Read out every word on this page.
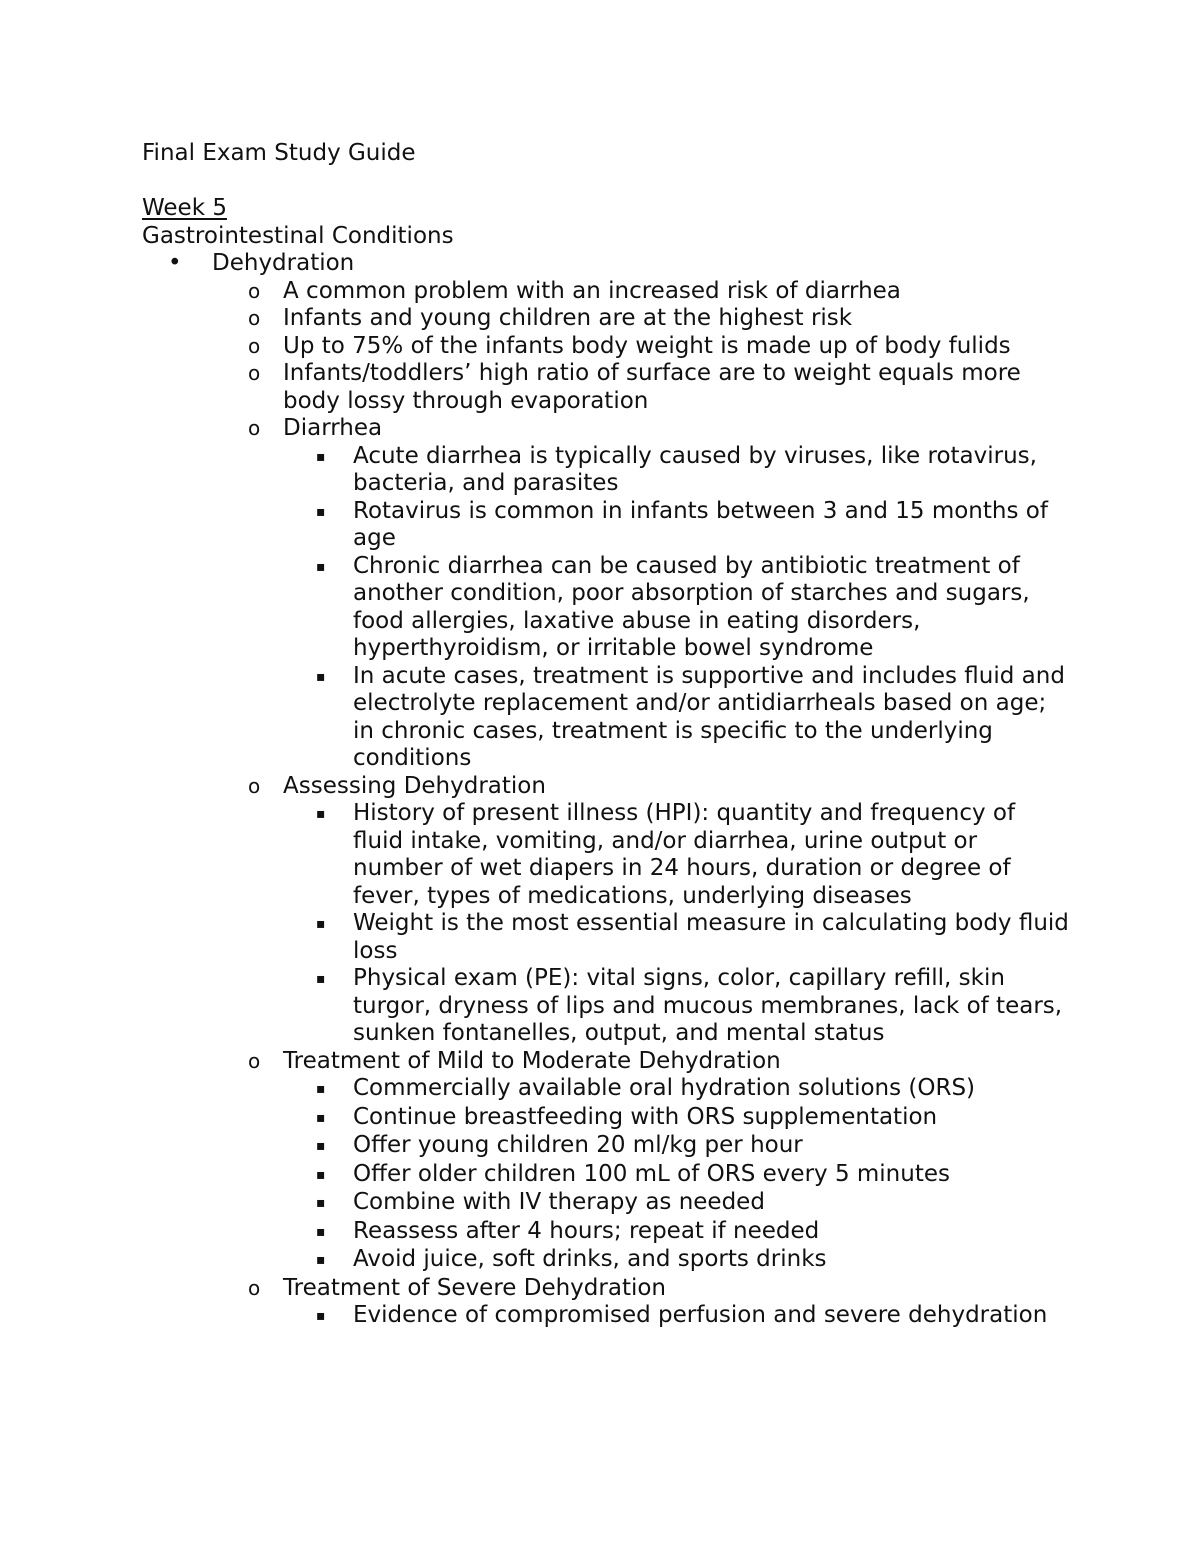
Final Exam Study Guide
Week 5
Gastrointestinal Conditions
•	Dehydration
o A common problem with an increased risk of diarrhea
o Infants and young children are at the highest risk
o Up to 75% of the infants body weight is made up of body fulids
o Infants/toddlers’ high ratio of surface are to weight equals more body lossy through evaporation
o Diarrhea
▪	Acute diarrhea is typically caused by viruses, like rotavirus, bacteria, and parasites
▪	Rotavirus is common in infants between 3 and 15 months of age
▪	Chronic diarrhea can be caused by antibiotic treatment of another condition, poor absorption of starches and sugars, food allergies, laxative abuse in eating disorders, hyperthyroidism, or irritable bowel syndrome
▪	In acute cases, treatment is supportive and includes fluid and electrolyte replacement and/or antidiarrheals based on age; in chronic cases, treatment is specific to the underlying conditions
o Assessing Dehydration
▪	History of present illness (HPI): quantity and frequency of fluid intake, vomiting, and/or diarrhea, urine output or number of wet diapers in 24 hours, duration or degree of fever, types of medications, underlying diseases
▪	Weight is the most essential measure in calculating body fluid loss
▪	Physical exam (PE): vital signs, color, capillary refill, skin turgor, dryness of lips and mucous membranes, lack of tears, sunken fontanelles, output, and mental status
o Treatment of Mild to Moderate Dehydration
▪	Commercially available oral hydration solutions (ORS)
▪	Continue breastfeeding with ORS supplementation
▪	Offer young children 20 ml/kg per hour
▪	Offer older children 100 mL of ORS every 5 minutes
▪	Combine with IV therapy as needed
▪	Reassess after 4 hours; repeat if needed
▪	Avoid juice, soft drinks, and sports drinks
o Treatment of Severe Dehydration
▪	Evidence of compromised perfusion and severe dehydration
